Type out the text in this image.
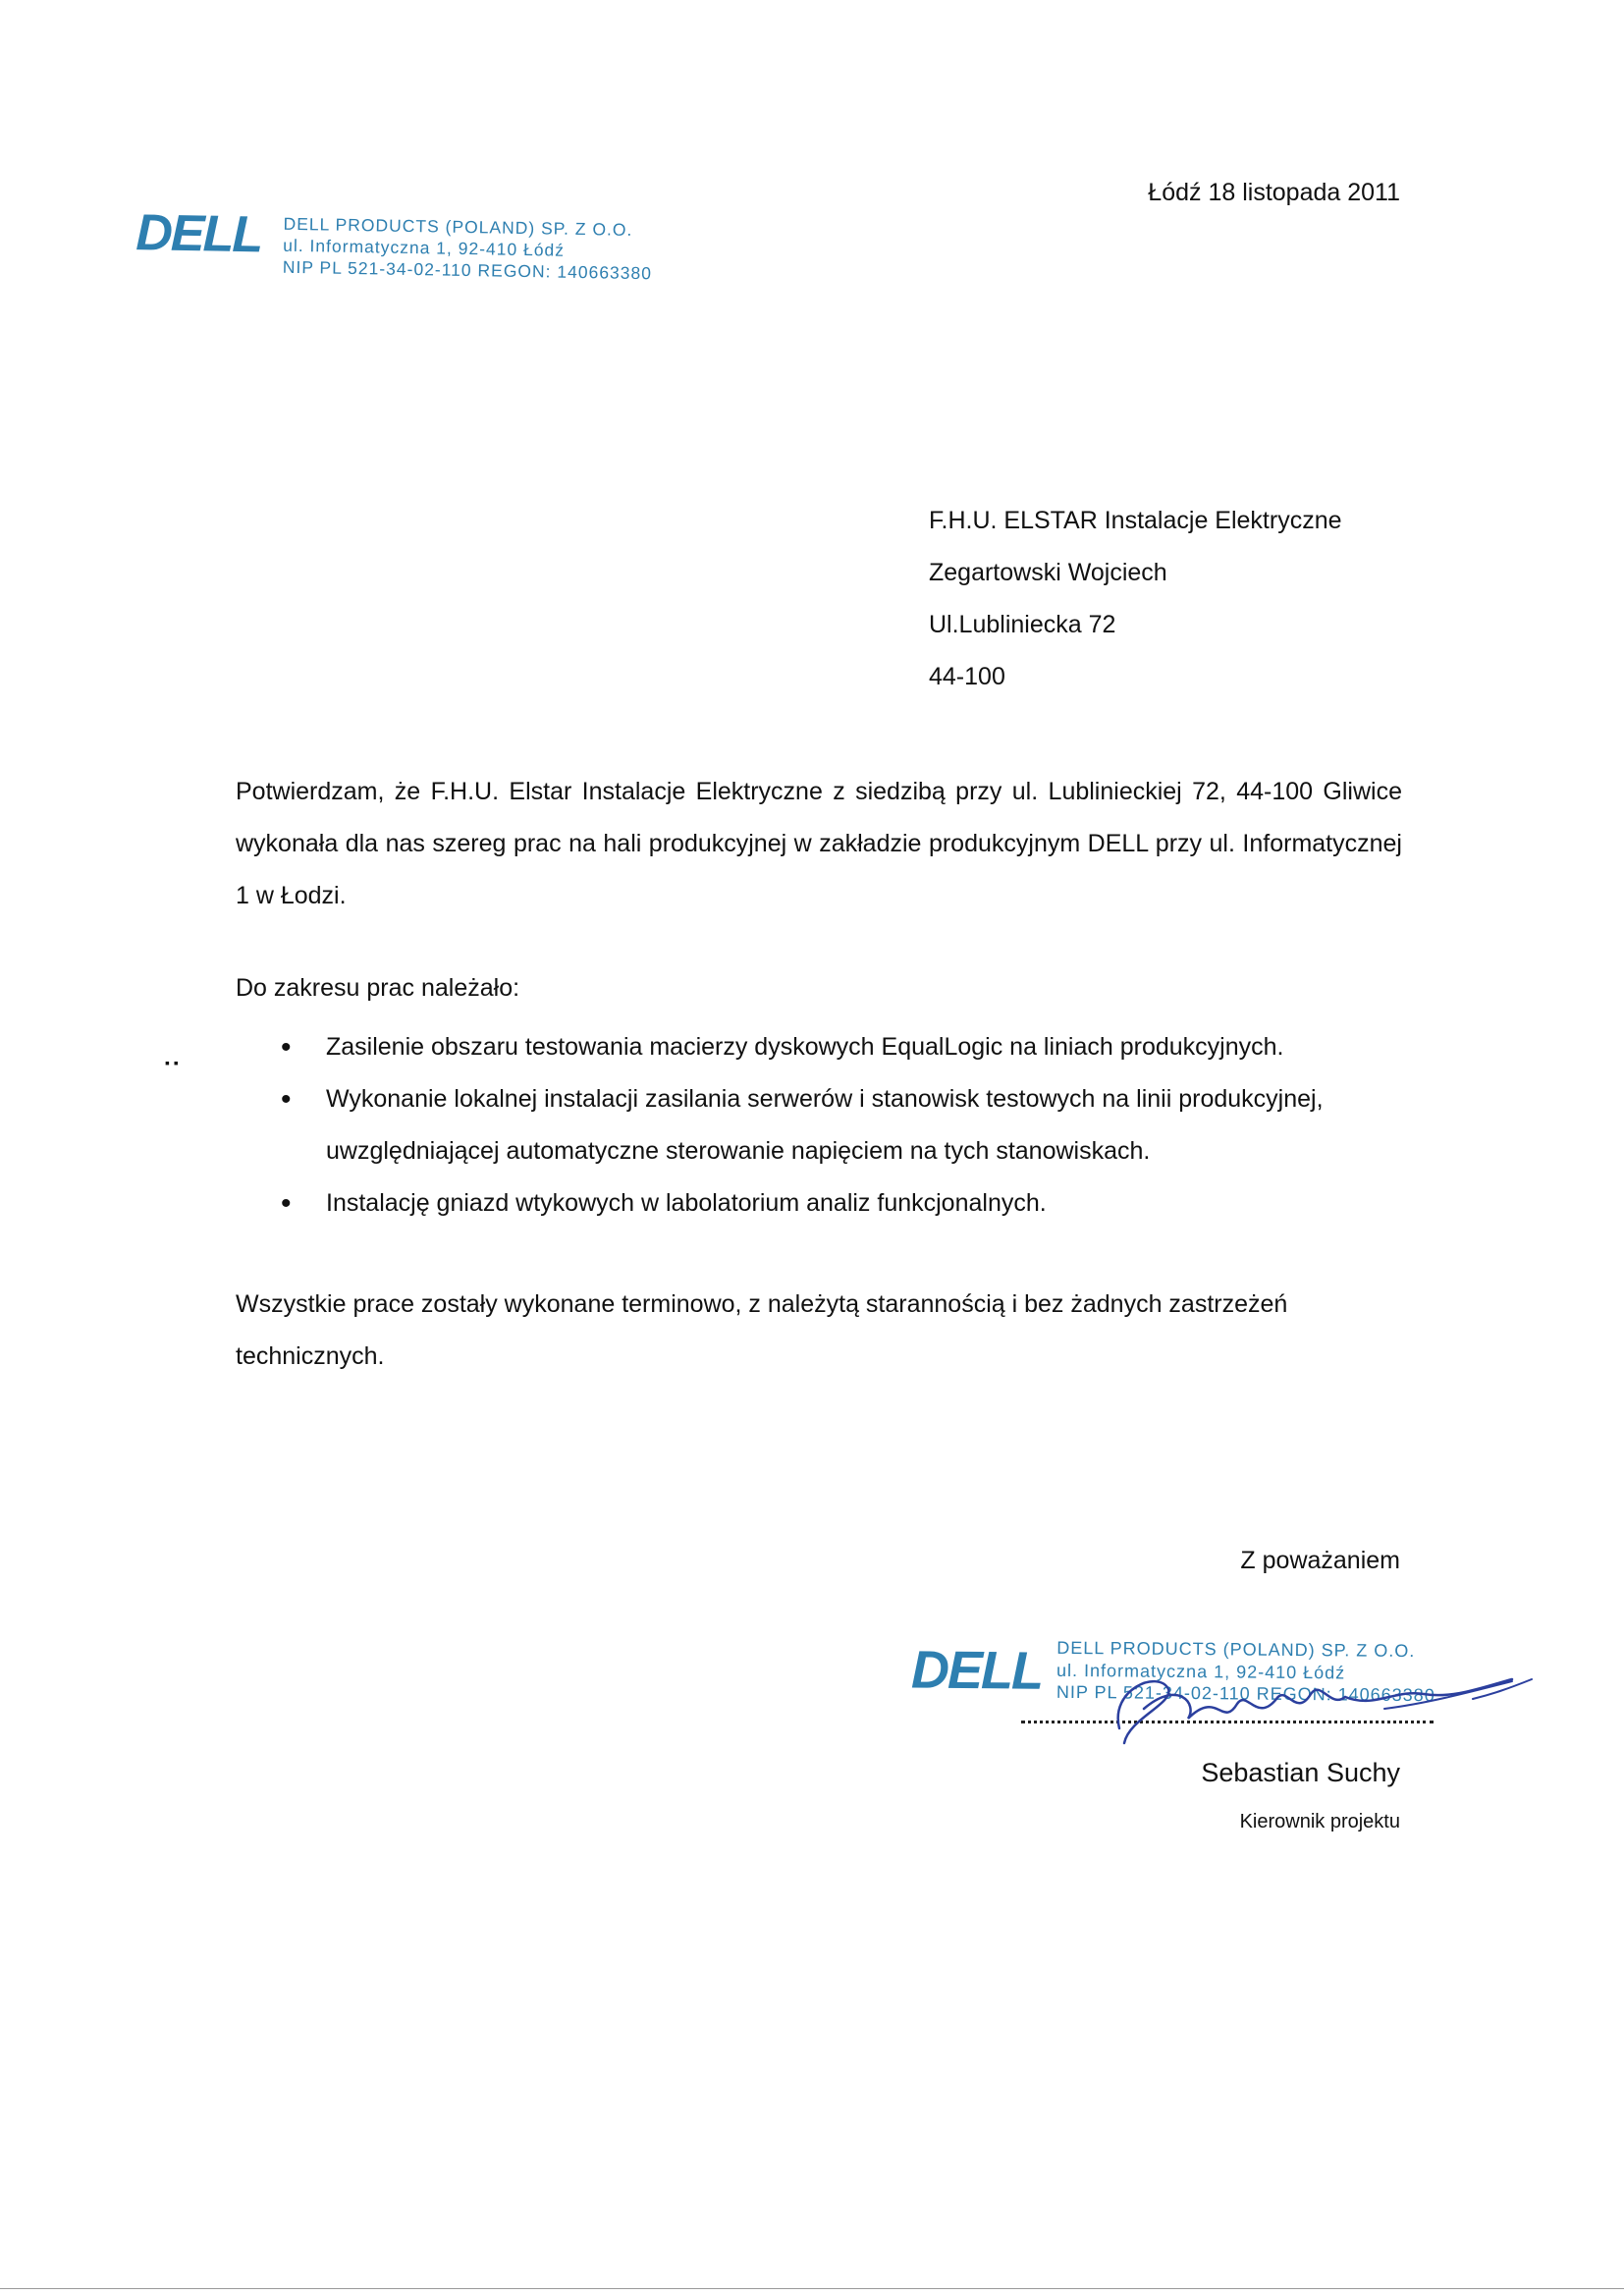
DELL DELL PRODUCTS (POLAND) SP. Z O.O.
ul. Informatyczna 1, 92-410 Łódź
NIP PL 521-34-02-110 REGON: 140663380
Łódź 18 listopada 2011
F.H.U. ELSTAR Instalacje Elektryczne
Zegartowski Wojciech
Ul.Lubliniecka 72
44-100
Potwierdzam, że F.H.U. Elstar Instalacje Elektryczne z siedzibą przy ul. Lublinieckiej 72, 44-100 Gliwice wykonała dla nas szereg prac na hali produkcyjnej w zakładzie produkcyjnym DELL przy ul. Informatycznej 1 w Łodzi.
Do zakresu prac należało:
▪ ▪
• Zasilenie obszaru testowania macierzy dyskowych EqualLogic na liniach produkcyjnych.
• Wykonanie lokalnej instalacji zasilania serwerów i stanowisk testowych na linii produkcyjnej, uwzględniającej automatyczne sterowanie napięciem na tych stanowiskach.
• Instalację gniazd wtykowych w labolatorium analiz funkcjonalnych.
Wszystkie prace zostały wykonane terminowo, z należytą starannością i bez żadnych zastrzeżeń technicznych.
Z poważaniem
DELL DELL PRODUCTS (POLAND) SP. Z O.O.
ul. Informatyczna 1, 92-410 Łódź
NIP PL 521-34-02-110 REGON: 140663380
Sebastian Suchy
Kierownik projektu
